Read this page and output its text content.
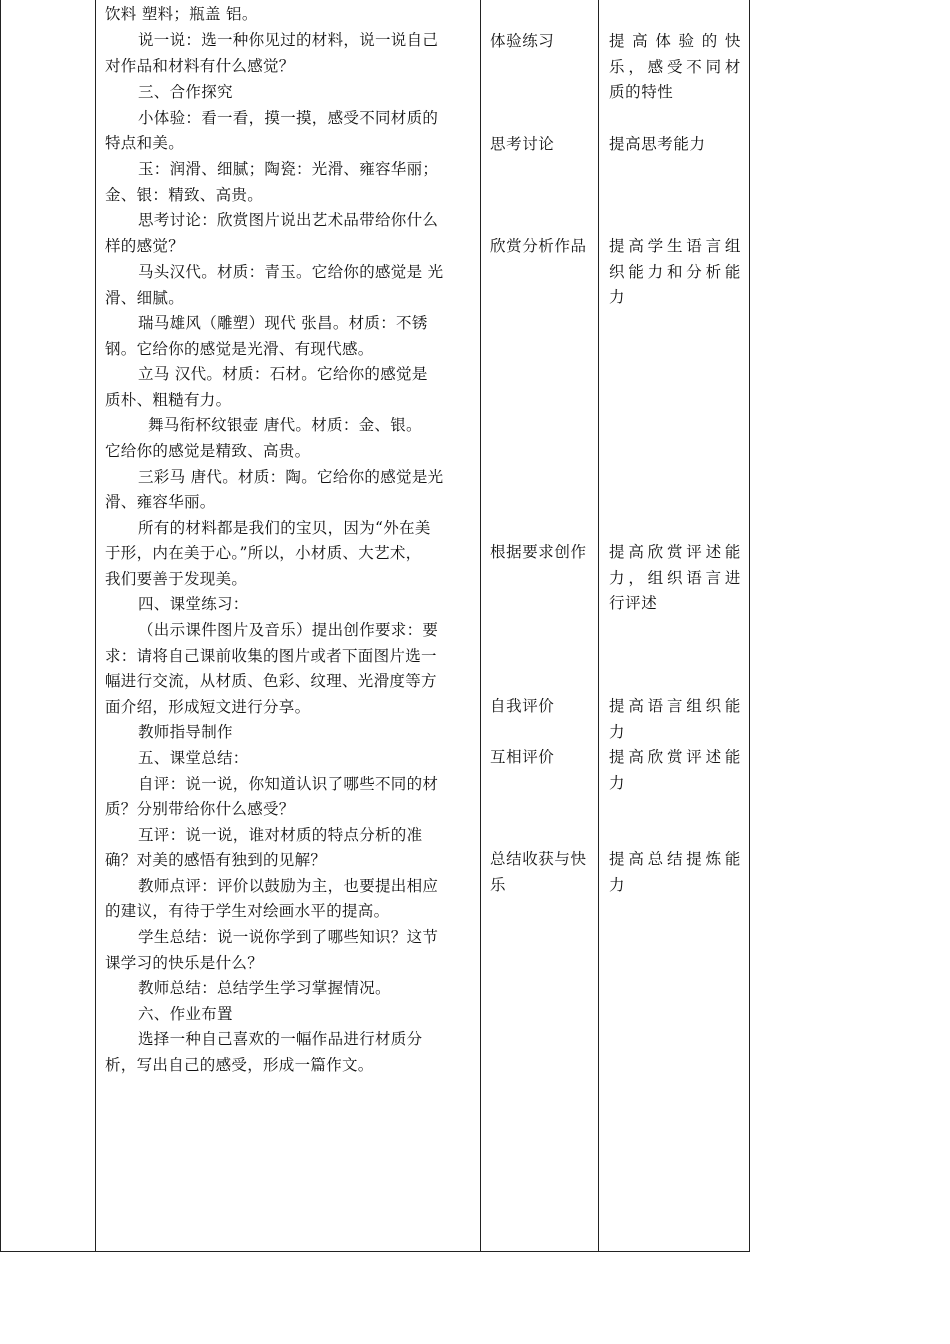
饮料 塑料；瓶盖 铝。
说一说：选一种你见过的材料，说一说自己
对作品和材料有什么感觉？
三、合作探究
小体验：看一看，摸一摸，感受不同材质的
特点和美。
玉：润滑、细腻；陶瓷：光滑、雍容华丽；
金、银：精致、高贵。
思考讨论：欣赏图片说出艺术品带给你什么
样的感觉？
马头汉代。材质：青玉。它给你的感觉是 光
滑、细腻。
瑞马雄风（雕塑）现代 张昌。材质：不锈
钢。它给你的感觉是光滑、有现代感。
立马 汉代。材质：石材。它给你的感觉是
质朴、粗糙有力。
舞马衔杯纹银壶 唐代。材质：金、银。
它给你的感觉是精致、高贵。
三彩马 唐代。材质：陶。它给你的感觉是光
滑、雍容华丽。
所有的材料都是我们的宝贝，因为“外在美
于形，内在美于心。”所以，小材质、大艺术，
我们要善于发现美。
四、课堂练习：
（出示课件图片及音乐）提出创作要求：要
求：请将自己课前收集的图片或者下面图片选一
幅进行交流，从材质、色彩、纹理、光滑度等方
面介绍，形成短文进行分享。
教师指导制作
五、课堂总结：
自评：说一说，你知道认识了哪些不同的材
质？分别带给你什么感受？
互评：说一说，谁对材质的特点分析的准
确？对美的感悟有独到的见解？
教师点评：评价以鼓励为主，也要提出相应
的建议，有待于学生对绘画水平的提高。
学生总结：说一说你学到了哪些知识？这节
课学习的快乐是什么？
教师总结：总结学生学习掌握情况。
六、作业布置
选择一种自己喜欢的一幅作品进行材质分
析，写出自己的感受，形成一篇作文。
体验练习
思考讨论
欣赏分析作品
根据要求创作
自我评价
互相评价
总结收获与快
乐
提高体验的快
乐，感受不同材
质的特性
提高思考能力
提高学生语言组
织能力和分析能
力
提高欣赏评述能
力，组织语言进
行评述
提高语言组织能
力
提高欣赏评述能
力
提高总结提炼能
力
